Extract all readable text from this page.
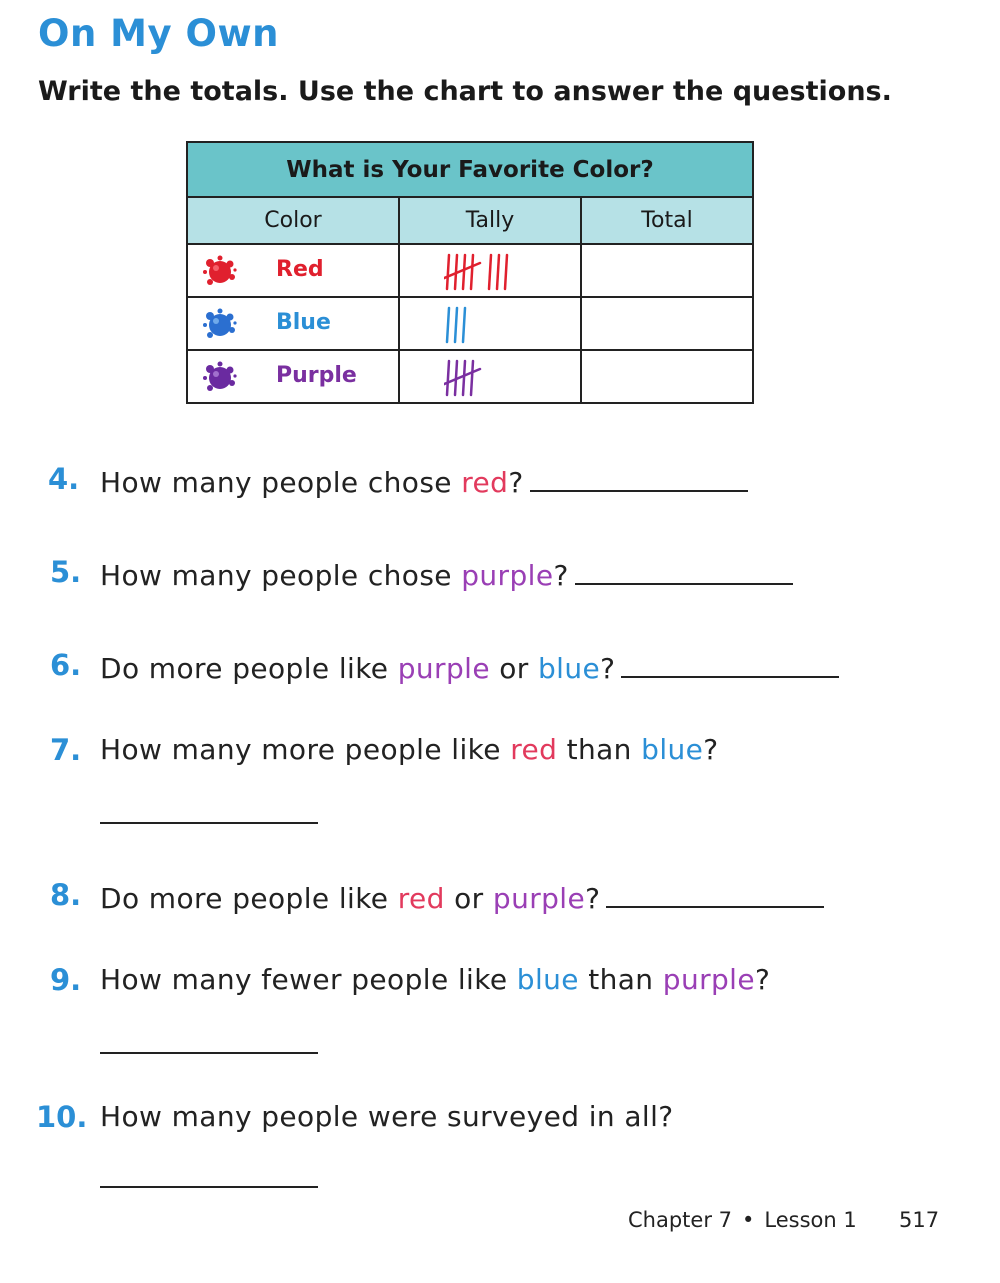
On My Own

Write the totals. Use the chart to answer the questions.

What is Your Favorite Color?		
Color	Tally	Total

Red

Blue

Purple

4. How many people chose red?
5. How many people chose purple?
6. Do more people like purple or blue?
7. How many more people like red than blue?
8. Do more people like red or purple?
9. How many fewer people like blue than purple?
10. How many people were surveyed in all?
Chapter 7 • Lesson 1 517
